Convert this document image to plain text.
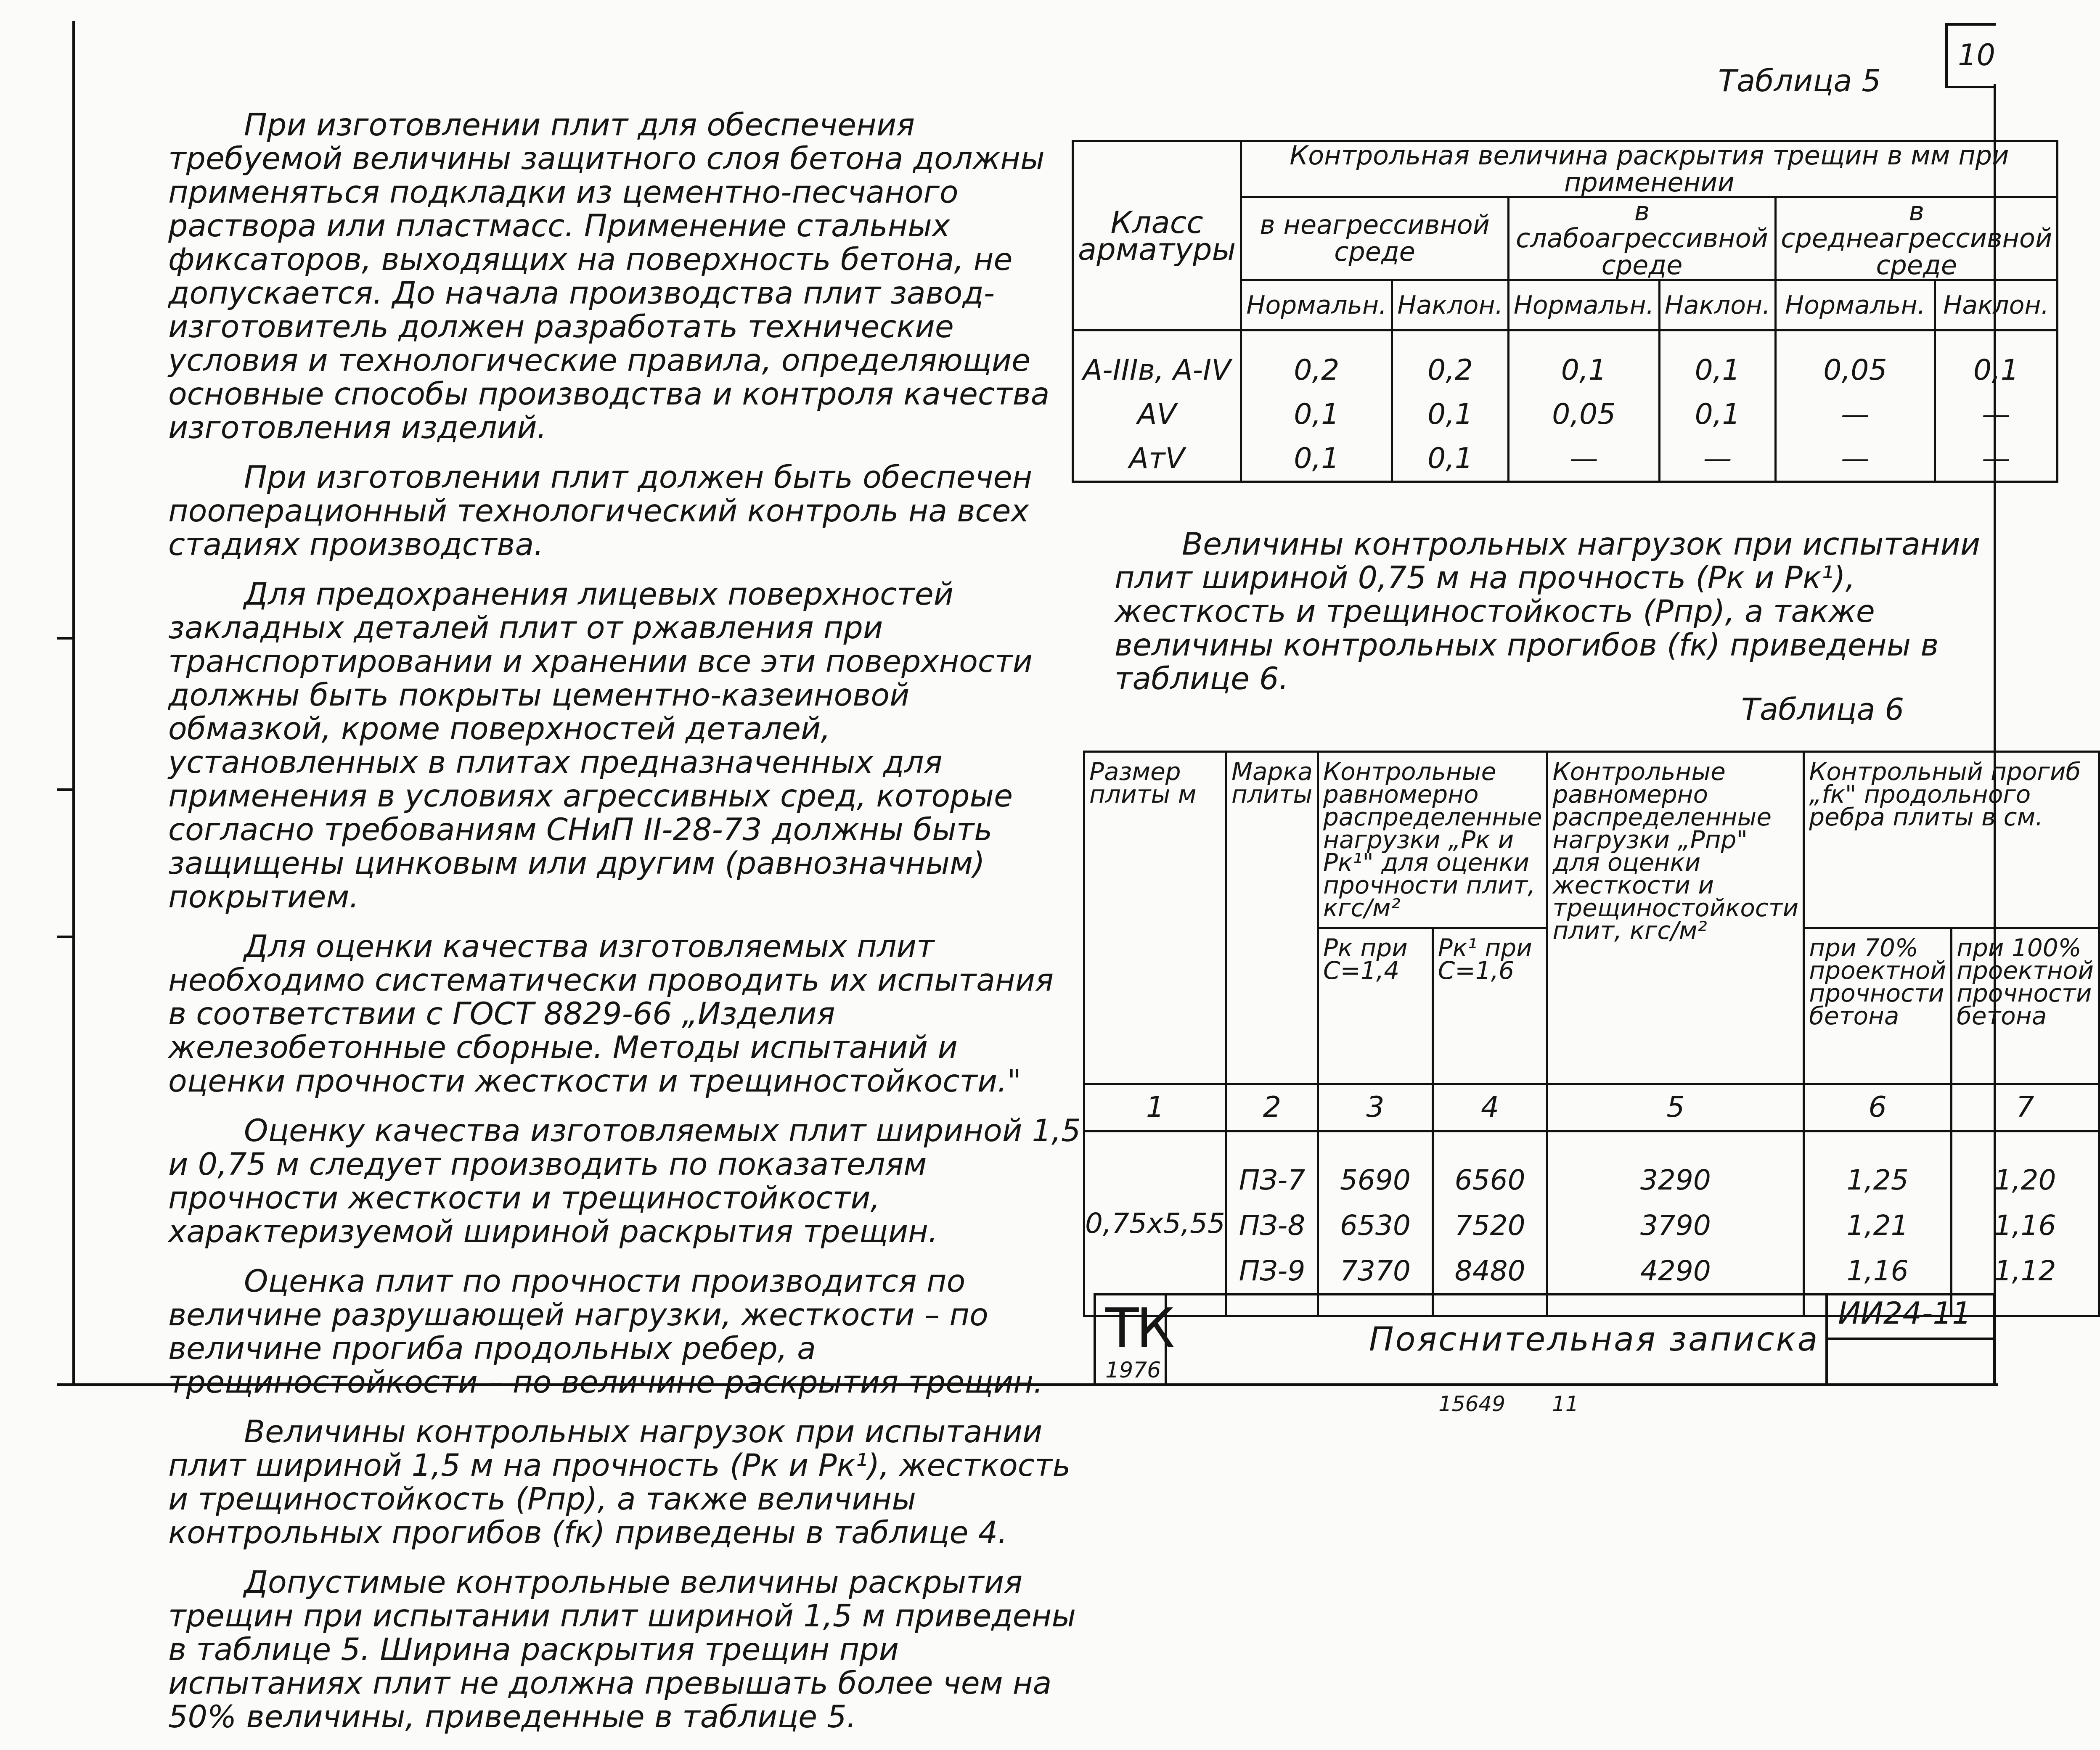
10

При изготовлении плит для обеспечения требуемой величины защитного слоя бетона должны применяться подкладки из цементно-песчаного раствора или пластмасс. Применение стальных фиксаторов, выходящих на поверхность бетона, не допускается. До начала производства плит завод-изготовитель должен разработать технические условия и технологические правила, определяющие основные способы производства и контроля качества изготовления изделий.

При изготовлении плит должен быть обеспечен пооперационный технологический контроль на всех стадиях производства.

Для предохранения лицевых поверхностей закладных деталей плит от ржавления при транспортировании и хранении все эти поверхности должны быть покрыты цементно-казеиновой обмазкой, кроме поверхностей деталей, установленных в плитах предназначенных для применения в условиях агрессивных сред, которые согласно требованиям СНиП II-28-73 должны быть защищены цинковым или другим (равнозначным) покрытием.

Для оценки качества изготовляемых плит необходимо систематически проводить их испытания в соответствии с ГОСТ 8829-66 „Изделия железобетонные сборные. Методы испытаний и оценки прочности жесткости и трещиностойкости."

Оценку качества изготовляемых плит шириной 1,5 и 0,75 м следует производить по показателям прочности жесткости и трещиностойкости, характеризуемой шириной раскрытия трещин.

Оценка плит по прочности производится по величине разрушающей нагрузки, жесткости – по величине прогиба продольных ребер, а трещиностойкости – по величине раскрытия трещин.

Величины контрольных нагрузок при испытании плит шириной 1,5 м на прочность (Pк и Pк¹), жесткость и трещиностойкость (Рпр), а также величины контрольных прогибов (fк) приведены в таблице 4.

Допустимые контрольные величины раскрытия трещин при испытании плит шириной 1,5 м приведены в таблице 5. Ширина раскрытия трещин при испытаниях плит не должна превышать более чем на 50% величины, приведенные в таблице 5.

Таблица 5
Класс арматуры	Контрольная величина раскрытия трещин в мм при применении					
	в неагрессивной среде		в слабоагрессивной среде		в среднеагрессивной среде	
	Нормальн.	Наклон.	Нормальн.	Наклон.	Нормальн.	Наклон.

А-IIIв, А-IV	0,2	0,2	0,1	0,1	0,05	0,1
АV	0,1	0,1	0,05	0,1	—	—
АтV	0,1	0,1	—	—	—	—
Величины контрольных нагрузок при испытании плит шириной 0,75 м на прочность (Рк и Рк¹), жесткость и трещиностойкость (Рпр), а также величины контрольных прогибов (fк) приведены в таблице 6.
Таблица 6
Размер плиты м	Марка плиты	Контрольные равномерно распределенные нагрузки „Рк и Рк¹" для оценки прочности плит, кгс/м²		Контрольные равномерно распределенные нагрузки „Рпр" для оценки жесткости и трещиностойкости плит, кгс/м²	Контрольный прогиб „fк" продольного ребра плиты в см.	
		Рк при С=1,4	Рк¹ при С=1,6		при 70% проектной прочности бетона	при 100% проектной прочности бетона
1	2	3	4	5	6	7
0,75х5,55	ПЗ-7	5690	6560	3290	1,25	1,20
	ПЗ-8	6530	7520	3790	1,21	1,16
	ПЗ-9	7370	8480	4290	1,16	1,12
Пояснительная записка
ТК
1976
ИИ24-11
15649 11
